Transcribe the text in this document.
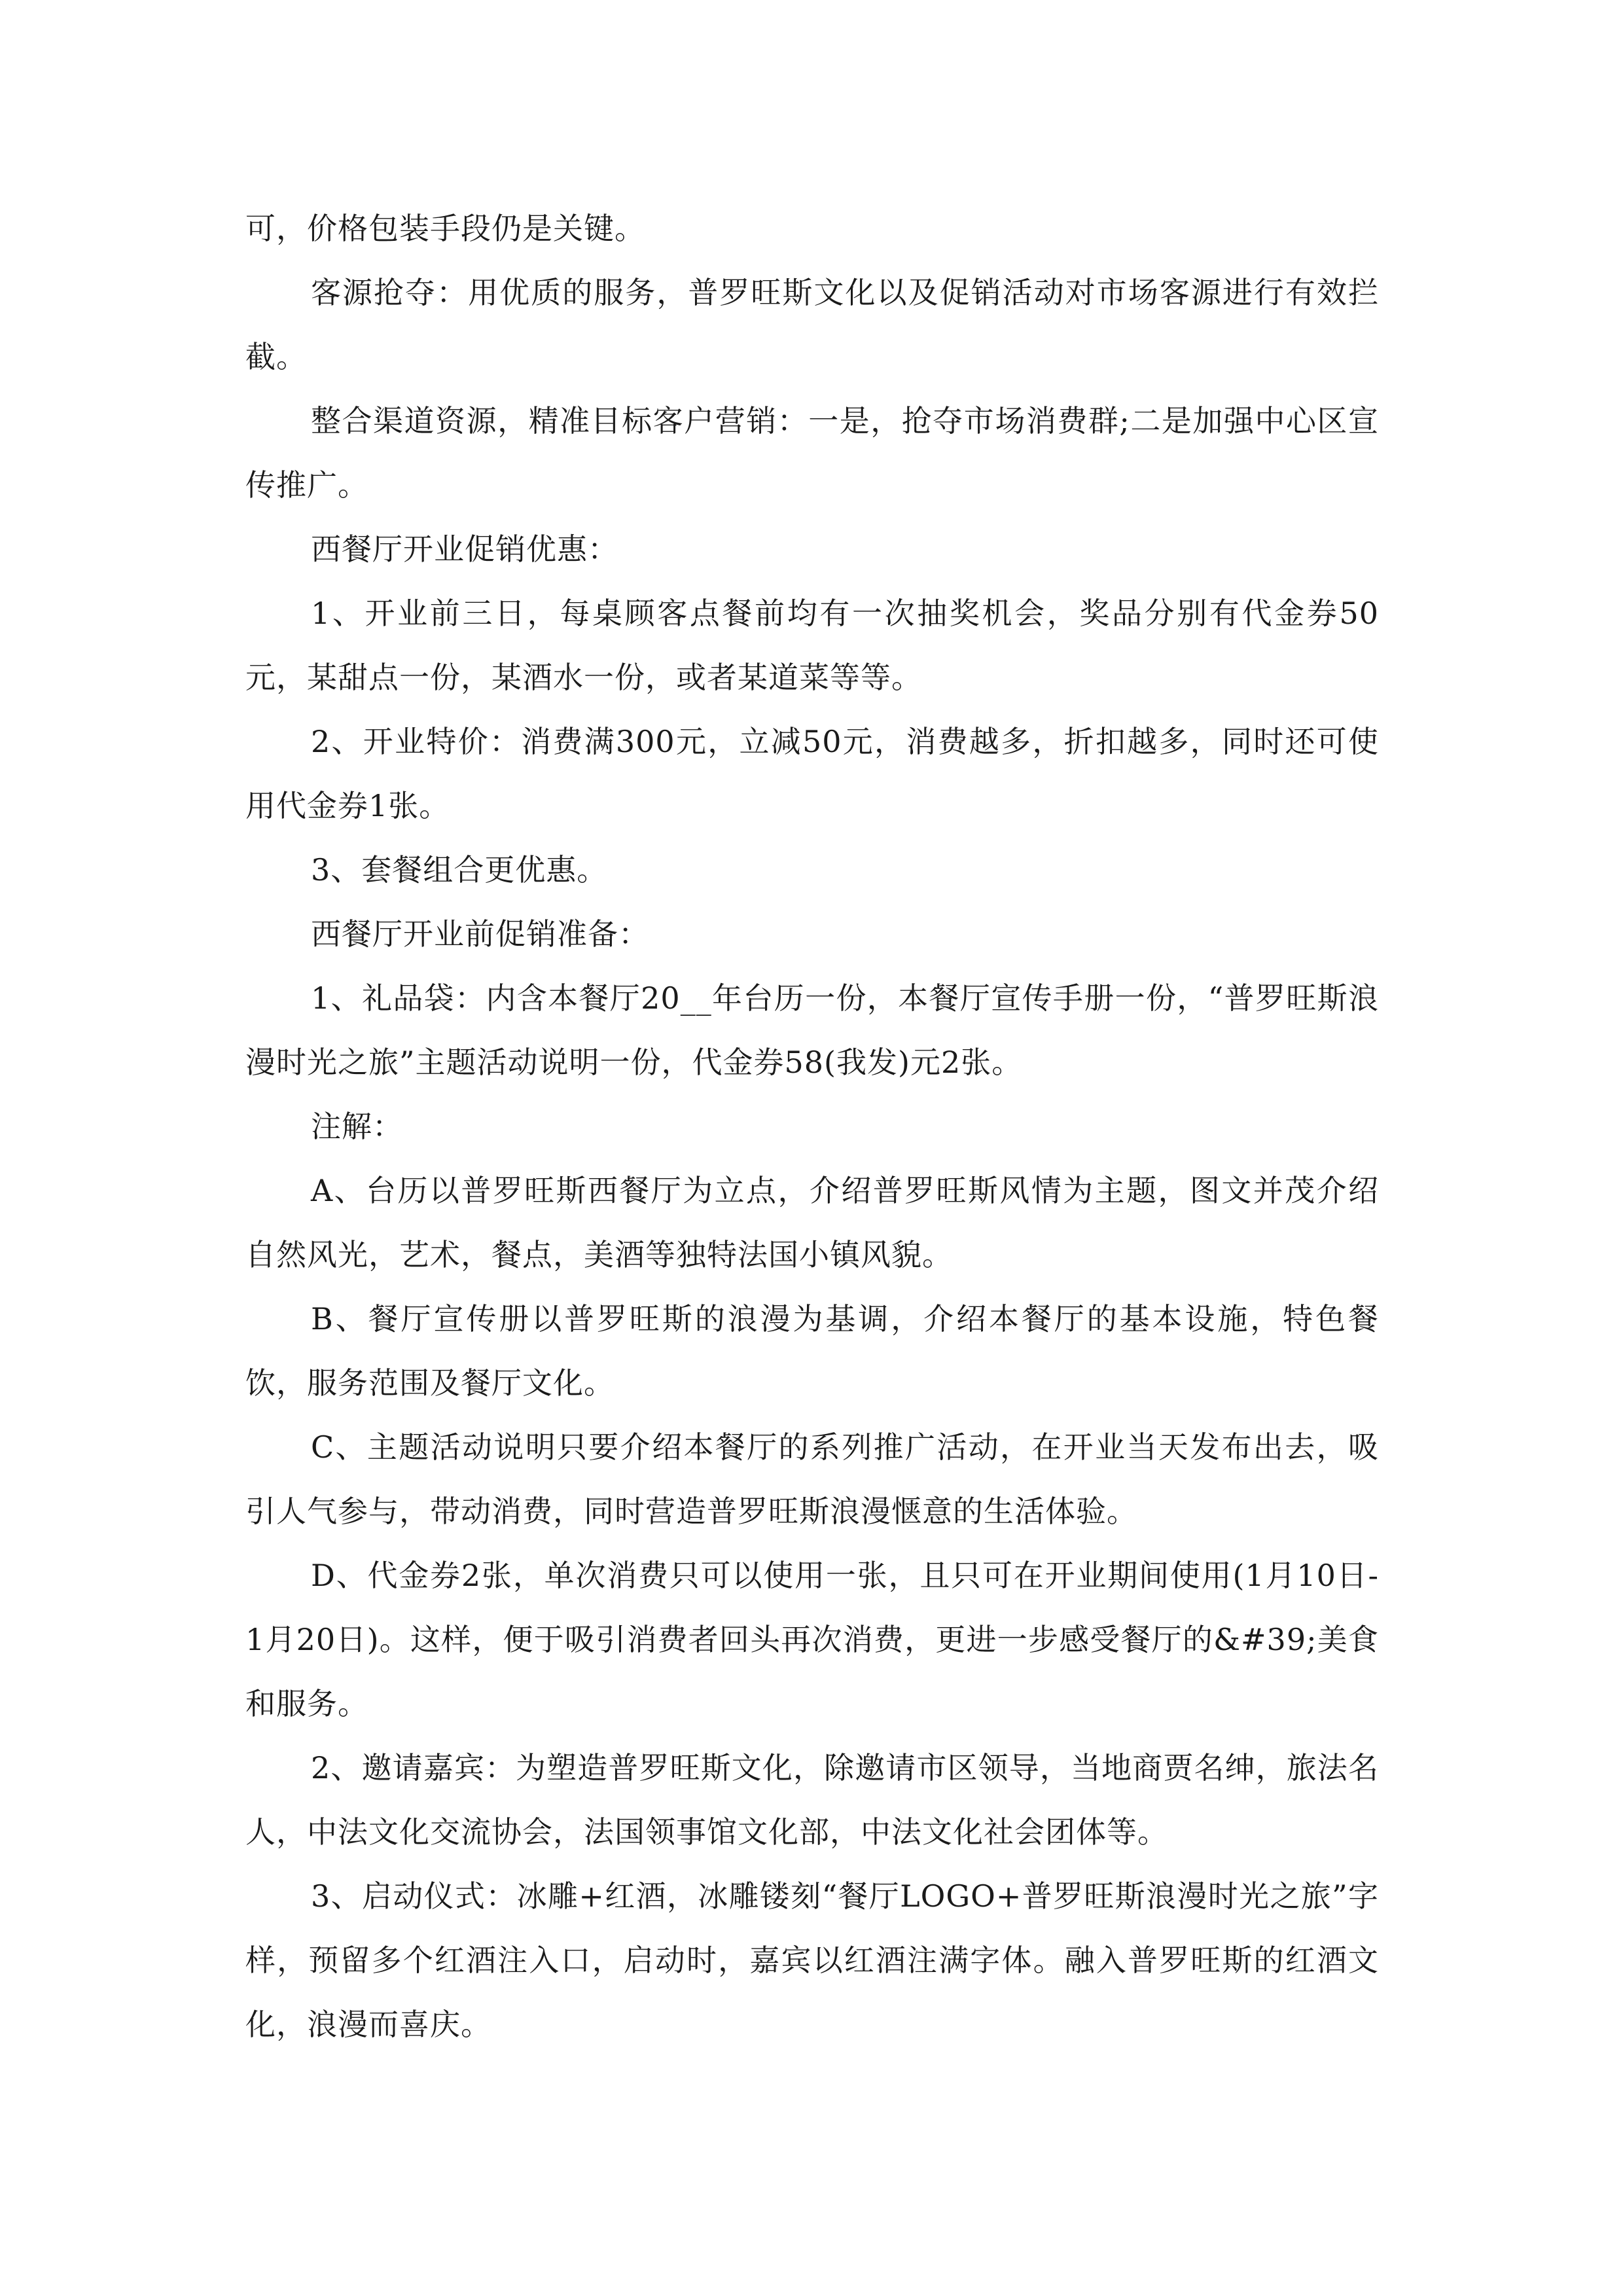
可，价格包装手段仍是关键。

客源抢夺：用优质的服务，普罗旺斯文化以及促销活动对市场客源进行有效拦截。

整合渠道资源，精准目标客户营销：一是，抢夺市场消费群;二是加强中心区宣传推广。

西餐厅开业促销优惠：

1、开业前三日，每桌顾客点餐前均有一次抽奖机会，奖品分别有代金券50元，某甜点一份，某酒水一份，或者某道菜等等。

2、开业特价：消费满300元，立减50元，消费越多，折扣越多，同时还可使用代金券1张。

3、套餐组合更优惠。

西餐厅开业前促销准备：

1、礼品袋：内含本餐厅20__年台历一份，本餐厅宣传手册一份，“普罗旺斯浪漫时光之旅”主题活动说明一份，代金券58(我发)元2张。

注解：

A、台历以普罗旺斯西餐厅为立点，介绍普罗旺斯风情为主题，图文并茂介绍自然风光，艺术，餐点，美酒等独特法国小镇风貌。

B、餐厅宣传册以普罗旺斯的浪漫为基调，介绍本餐厅的基本设施，特色餐饮，服务范围及餐厅文化。

C、主题活动说明只要介绍本餐厅的系列推广活动，在开业当天发布出去，吸引人气参与，带动消费，同时营造普罗旺斯浪漫惬意的生活体验。

D、代金券2张，单次消费只可以使用一张，且只可在开业期间使用(1月10日-1月20日)。这样，便于吸引消费者回头再次消费，更进一步感受餐厅的&#39;美食和服务。

2、邀请嘉宾：为塑造普罗旺斯文化，除邀请市区领导，当地商贾名绅，旅法名人，中法文化交流协会，法国领事馆文化部，中法文化社会团体等。

3、启动仪式：冰雕+红酒，冰雕镂刻“餐厅LOGO+普罗旺斯浪漫时光之旅”字样，预留多个红酒注入口，启动时，嘉宾以红酒注满字体。融入普罗旺斯的红酒文化，浪漫而喜庆。
